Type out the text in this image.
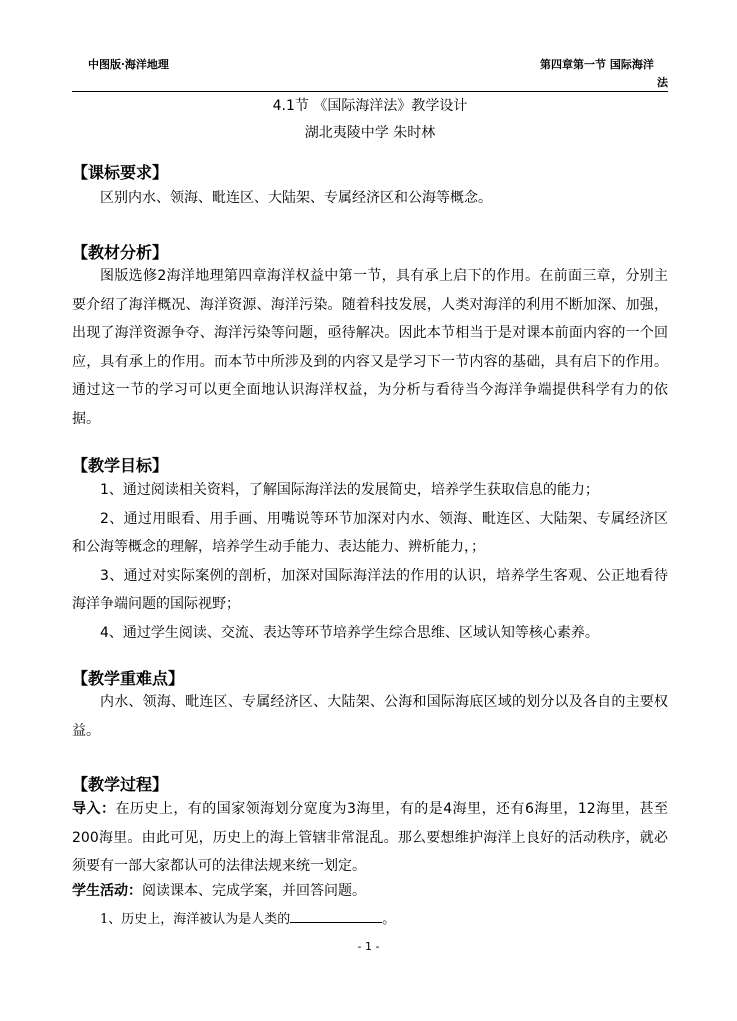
中图版·海洋地理	第四章第一节 国际海洋
法
4.1节 《国际海洋法》教学设计
湖北夷陵中学 朱时林
【课标要求】
区别内水、领海、毗连区、大陆架、专属经济区和公海等概念。
【教材分析】
图版选修2海洋地理第四章海洋权益中第一节，具有承上启下的作用。在前面三章，分别主要介绍了海洋概况、海洋资源、海洋污染。随着科技发展，人类对海洋的利用不断加深、加强，出现了海洋资源争夺、海洋污染等问题，亟待解决。因此本节相当于是对课本前面内容的一个回应，具有承上的作用。而本节中所涉及到的内容又是学习下一节内容的基础，具有启下的作用。通过这一节的学习可以更全面地认识海洋权益，为分析与看待当今海洋争端提供科学有力的依据。
【教学目标】
1、通过阅读相关资料，了解国际海洋法的发展简史，培养学生获取信息的能力；
2、通过用眼看、用手画、用嘴说等环节加深对内水、领海、毗连区、大陆架、专属经济区和公海等概念的理解，培养学生动手能力、表达能力、辨析能力，；
3、通过对实际案例的剖析，加深对国际海洋法的作用的认识，培养学生客观、公正地看待海洋争端问题的国际视野；
4、通过学生阅读、交流、表达等环节培养学生综合思维、区域认知等核心素养。
【教学重难点】
内水、领海、毗连区、专属经济区、大陆架、公海和国际海底区域的划分以及各自的主要权益。
【教学过程】
导入：在历史上，有的国家领海划分宽度为3海里，有的是4海里，还有6海里，12海里，甚至200海里。由此可见，历史上的海上管辖非常混乱。那么要想维护海洋上良好的活动秩序，就必须要有一部大家都认可的法律法规来统一划定。
学生活动：阅读课本、完成学案，并回答问题。
1、历史上，海洋被认为是人类的	。
- 1 -
